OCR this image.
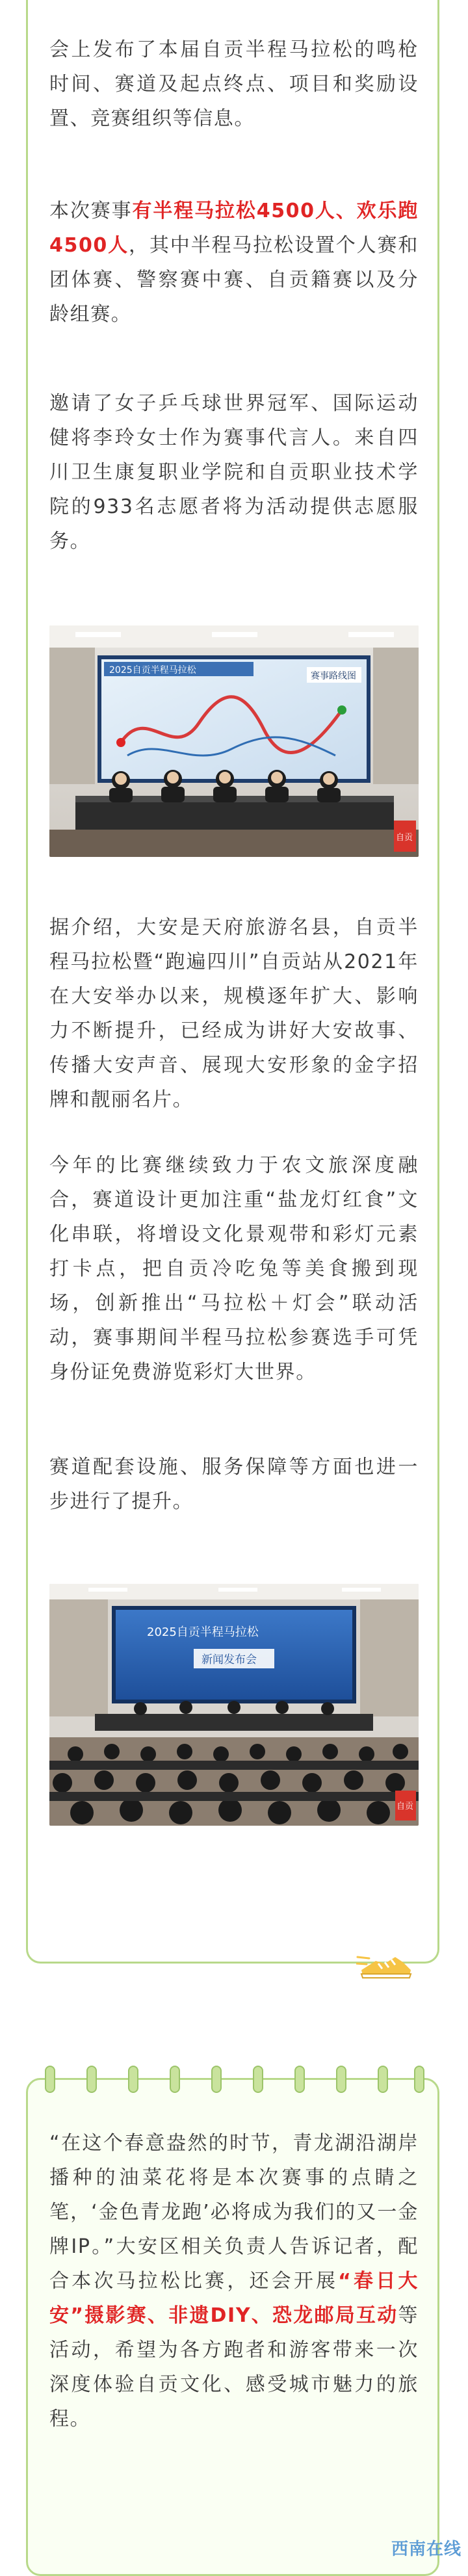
会上发布了本届自贡半程马拉松的鸣枪时间、赛道及起点终点、项目和奖励设置、竞赛组织等信息。

本次赛事有半程马拉松4500人、欢乐跑4500人，其中半程马拉松设置个人赛和团体赛、警察赛中赛、自贡籍赛以及分龄组赛。

邀请了女子乒乓球世界冠军、国际运动健将李玲女士作为赛事代言人。来自四川卫生康复职业学院和自贡职业技术学院的933名志愿者将为活动提供志愿服务。

2025自贡半程马拉松
赛事路线图
自贡

据介绍，大安是天府旅游名县，自贡半程马拉松暨“跑遍四川”自贡站从2021年在大安举办以来，规模逐年扩大、影响力不断提升，已经成为讲好大安故事、传播大安声音、展现大安形象的金字招牌和靓丽名片。

今年的比赛继续致力于农文旅深度融合，赛道设计更加注重“盐龙灯红食”文化串联，将增设文化景观带和彩灯元素打卡点，把自贡冷吃兔等美食搬到现场，创新推出“马拉松＋灯会”联动活动，赛事期间半程马拉松参赛选手可凭身份证免费游览彩灯大世界。

赛道配套设施、服务保障等方面也进一步进行了提升。

2025自贡半程马拉松
新闻发布会
自贡

“在这个春意盎然的时节，青龙湖沿湖岸播种的油菜花将是本次赛事的点睛之笔，‘金色青龙跑’必将成为我们的又一金牌IP。”大安区相关负责人告诉记者，配合本次马拉松比赛，还会开展“春日大安”摄影赛、非遗DIY、恐龙邮局互动等活动，希望为各方跑者和游客带来一次深度体验自贡文化、感受城市魅力的旅程。

西南在线
